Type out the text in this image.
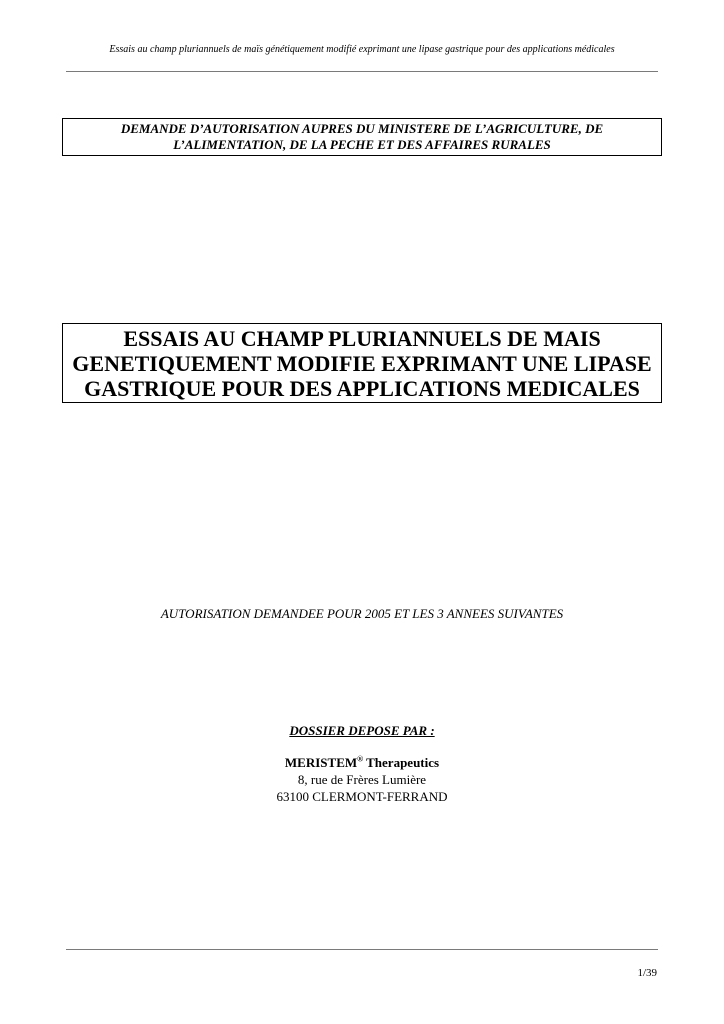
Essais au champ pluriannuels de maïs génétiquement modifié exprimant une lipase gastrique pour des applications médicales
DEMANDE D’AUTORISATION AUPRES DU MINISTERE DE L’AGRICULTURE, DE
L’ALIMENTATION, DE LA PECHE ET DES AFFAIRES RURALES
ESSAIS AU CHAMP PLURIANNUELS DE MAIS
GENETIQUEMENT MODIFIE EXPRIMANT UNE LIPASE
GASTRIQUE POUR DES APPLICATIONS MEDICALES
AUTORISATION DEMANDEE POUR 2005 ET LES 3 ANNEES SUIVANTES
DOSSIER DEPOSE PAR :
MERISTEM® Therapeutics
8, rue de Frères Lumière
63100 CLERMONT-FERRAND
1/39
